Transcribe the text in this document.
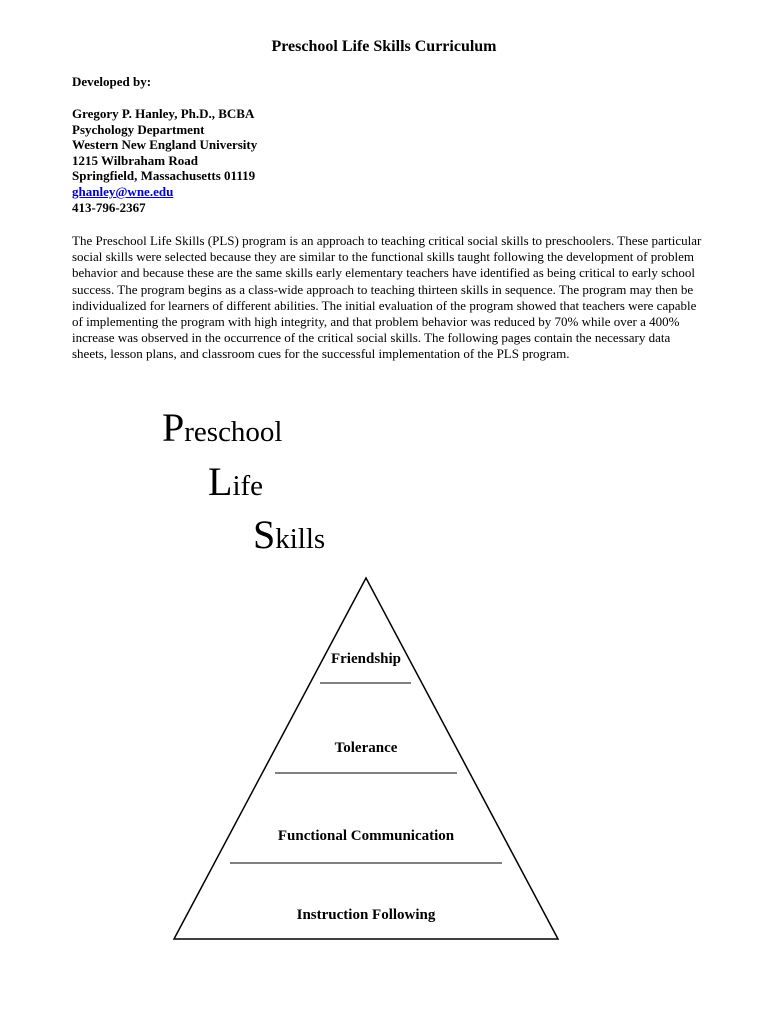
Preschool Life Skills Curriculum
Developed by:
Gregory P. Hanley, Ph.D., BCBA
Psychology Department
Western New England University
1215 Wilbraham Road
Springfield, Massachusetts 01119
ghanley@wne.edu
413-796-2367
The Preschool Life Skills (PLS) program is an approach to teaching critical social skills to preschoolers. These particular social skills were selected because they are similar to the functional skills taught following the development of problem behavior and because these are the same skills early elementary teachers have identified as being critical to early school success. The program begins as a class-wide approach to teaching thirteen skills in sequence. The program may then be individualized for learners of different abilities. The initial evaluation of the program showed that teachers were capable of implementing the program with high integrity, and that problem behavior was reduced by 70% while over a 400% increase was observed in the occurrence of the critical social skills. The following pages contain the necessary data sheets, lesson plans, and classroom cues for the successful implementation of the PLS program.
Preschool
Life
Skills
Friendship
Tolerance
Functional Communication
Instruction Following
